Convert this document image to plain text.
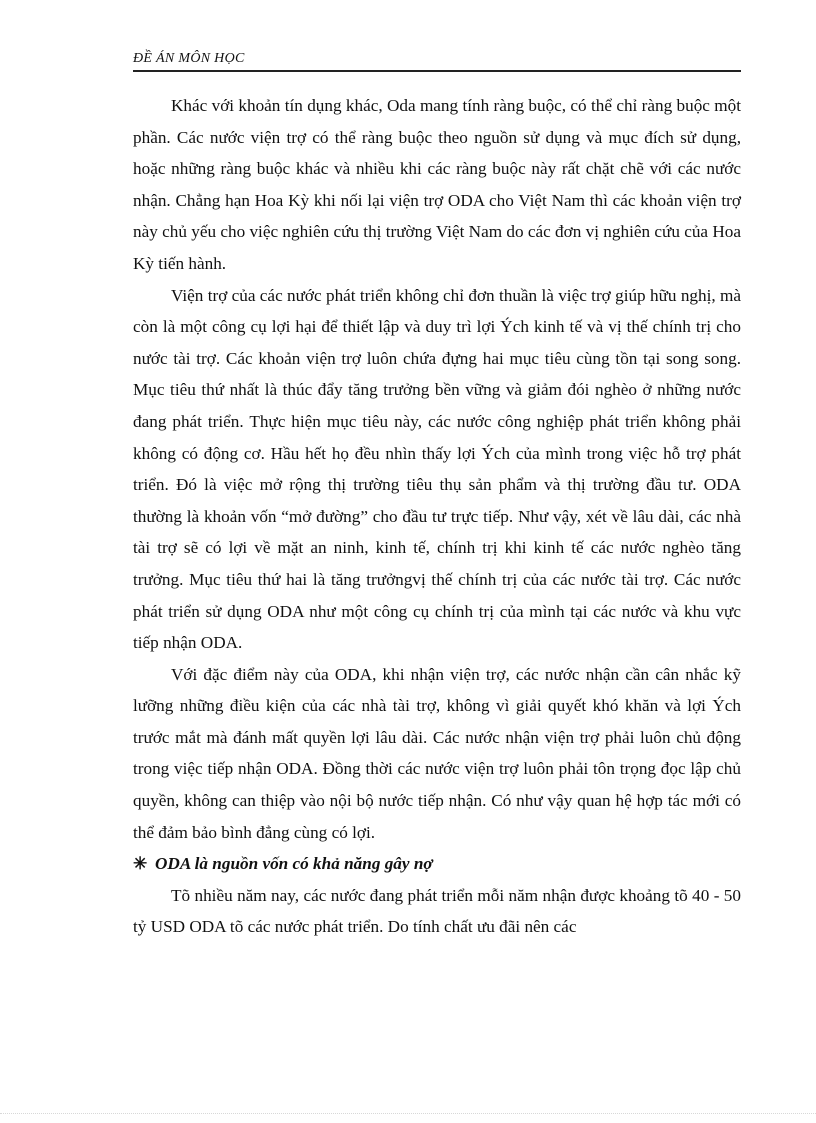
ĐỀ ÁN MÔN HỌC

Khác với khoản tín dụng khác, Oda mang tính ràng buộc, có thể chỉ ràng buộc một phần. Các nước viện trợ có thể ràng buộc theo nguồn sử dụng và mục đích sử dụng, hoặc những ràng buộc khác và nhiều khi các ràng buộc này rất chặt chẽ với các nước nhận. Chẳng hạn Hoa Kỳ khi nối lại viện trợ ODA cho Việt Nam thì các khoản viện trợ này chủ yếu cho việc nghiên cứu thị trường Việt Nam do các đơn vị nghiên cứu của Hoa Kỳ tiến hành.

Viện trợ của các nước phát triển không chỉ đơn thuần là việc trợ giúp hữu nghị, mà còn là một công cụ lợi hại để thiết lập và duy trì lợi Ých kinh tế và vị thế chính trị cho nước tài trợ. Các khoản viện trợ luôn chứa đựng hai mục tiêu cùng tồn tại song song. Mục tiêu thứ nhất là thúc đẩy tăng trưởng bền vững và giảm đói nghèo ở những nước đang phát triển. Thực hiện mục tiêu này, các nước công nghiệp phát triển không phải không có động cơ. Hầu hết họ đều nhìn thấy lợi Ých của mình trong việc hỗ trợ phát triển. Đó là việc mở rộng thị trường tiêu thụ sản phẩm và thị trường đầu tư. ODA thường là khoản vốn “mở đường” cho đầu tư trực tiếp. Như vậy, xét về lâu dài, các nhà tài trợ sẽ có lợi về mặt an ninh, kinh tế, chính trị khi kinh tế các nước nghèo tăng trưởng. Mục tiêu thứ hai là tăng trưởngvị thế chính trị của các nước tài trợ. Các nước phát triển sử dụng ODA như một công cụ chính trị của mình tại các nước và khu vực tiếp nhận ODA.

Với đặc điểm này của ODA, khi nhận viện trợ, các nước nhận cần cân nhắc kỹ lưỡng những điều kiện của các nhà tài trợ, không vì giải quyết khó khăn và lợi Ých trước mắt mà đánh mất quyền lợi lâu dài. Các nước nhận viện trợ phải luôn chủ động trong việc tiếp nhận ODA. Đồng thời các nước viện trợ luôn phải tôn trọng đọc lập chủ quyền, không can thiệp vào nội bộ nước tiếp nhận. Có như vậy quan hệ hợp tác mới có thể đảm bảo bình đẳng cùng có lợi.

✳ ODA là nguồn vốn có khả năng gây nợ

Tõ nhiều năm nay, các nước đang phát triển mỗi năm nhận được khoảng tõ 40 - 50 tỷ USD ODA tõ các nước phát triển. Do tính chất ưu đãi nên các
